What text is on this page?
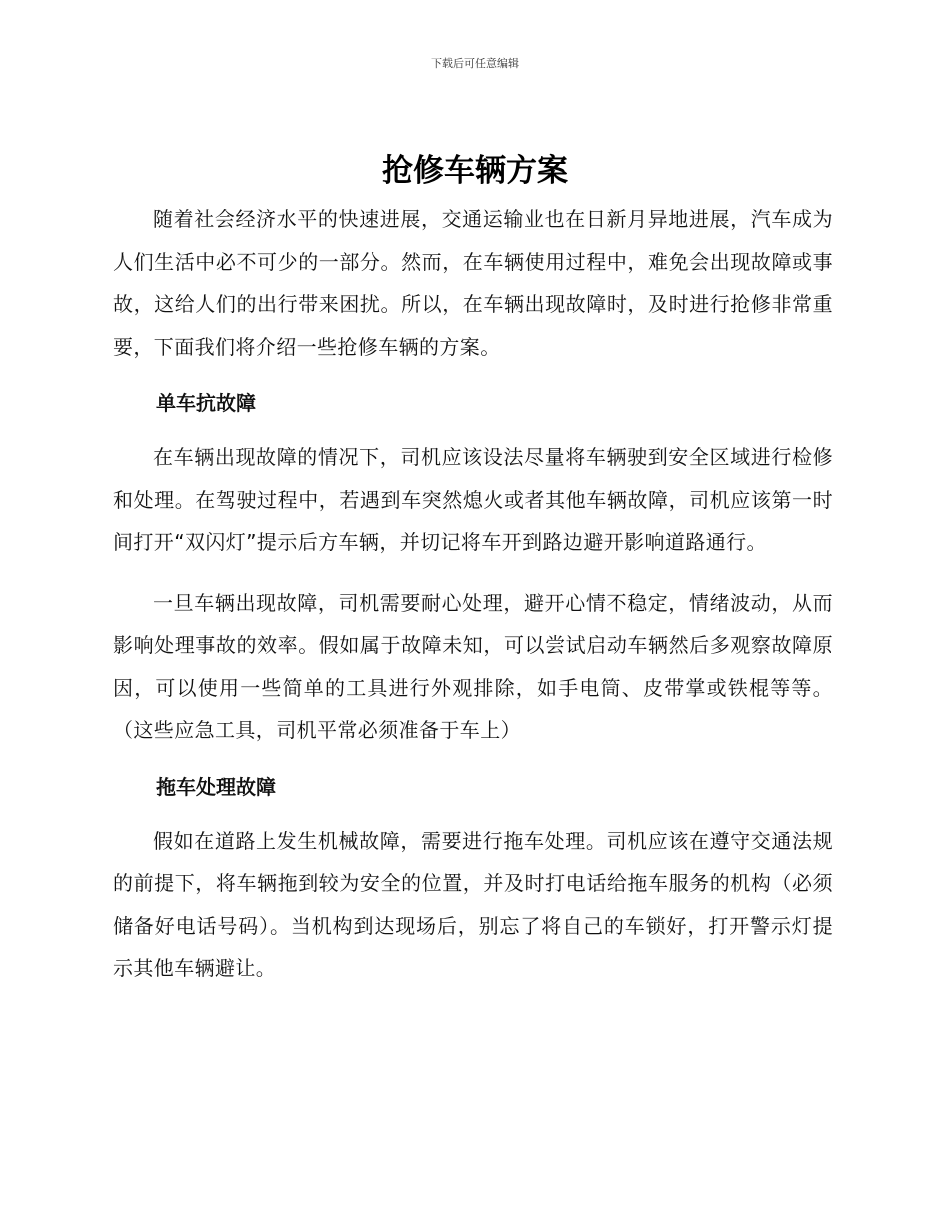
下载后可任意编辑
抢修车辆方案

随着社会经济水平的快速进展，交通运输业也在日新月异地进展，汽车成为人们生活中必不可少的一部分。然而，在车辆使用过程中，难免会出现故障或事故，这给人们的出行带来困扰。所以，在车辆出现故障时，及时进行抢修非常重要，下面我们将介绍一些抢修车辆的方案。

单车抗故障

在车辆出现故障的情况下，司机应该设法尽量将车辆驶到安全区域进行检修和处理。在驾驶过程中，若遇到车突然熄火或者其他车辆故障，司机应该第一时间打开“双闪灯”提示后方车辆，并切记将车开到路边避开影响道路通行。

一旦车辆出现故障，司机需要耐心处理，避开心情不稳定，情绪波动，从而影响处理事故的效率。假如属于故障未知，可以尝试启动车辆然后多观察故障原因，可以使用一些简单的工具进行外观排除，如手电筒、皮带掌或铁棍等等。（这些应急工具，司机平常必须准备于车上）

拖车处理故障

假如在道路上发生机械故障，需要进行拖车处理。司机应该在遵守交通法规的前提下，将车辆拖到较为安全的位置，并及时打电话给拖车服务的机构（必须储备好电话号码）。当机构到达现场后，别忘了将自己的车锁好，打开警示灯提示其他车辆避让。
